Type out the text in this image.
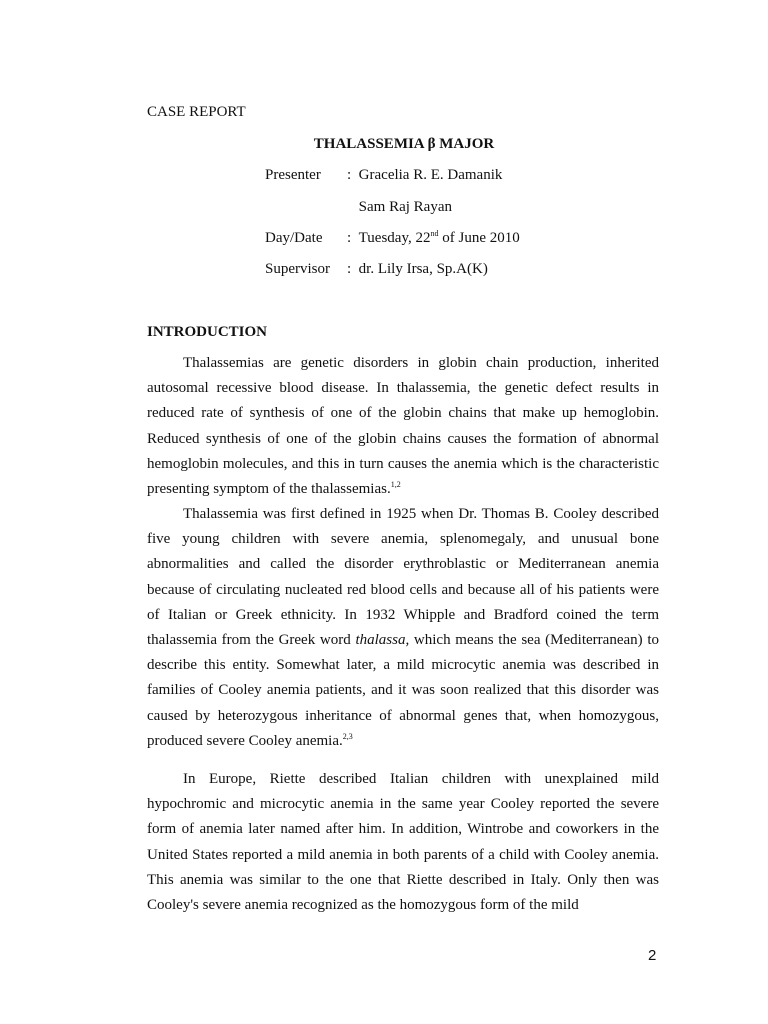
CASE REPORT

THALASSEMIA β MAJOR

Presenter : Gracelia R. E. Damanik
Sam Raj Rayan
Day/Date : Tuesday, 22nd of June 2010
Supervisor : dr. Lily Irsa, Sp.A(K)

INTRODUCTION

Thalassemias are genetic disorders in globin chain production, inherited autosomal recessive blood disease. In thalassemia, the genetic defect results in reduced rate of synthesis of one of the globin chains that make up hemoglobin. Reduced synthesis of one of the globin chains causes the formation of abnormal hemoglobin molecules, and this in turn causes the anemia which is the characteristic presenting symptom of the thalassemias.$^{1,2}$

Thalassemia was first defined in 1925 when Dr. Thomas B. Cooley described five young children with severe anemia, splenomegaly, and unusual bone abnormalities and called the disorder erythroblastic or Mediterranean anemia because of circulating nucleated red blood cells and because all of his patients were of Italian or Greek ethnicity. In 1932 Whipple and Bradford coined the term thalassemia from the Greek word thalassa, which means the sea (Mediterranean) to describe this entity. Somewhat later, a mild microcytic anemia was described in families of Cooley anemia patients, and it was soon realized that this disorder was caused by heterozygous inheritance of abnormal genes that, when homozygous, produced severe Cooley anemia.$^{2,3}$

In Europe, Riette described Italian children with unexplained mild hypochromic and microcytic anemia in the same year Cooley reported the severe form of anemia later named after him. In addition, Wintrobe and coworkers in the United States reported a mild anemia in both parents of a child with Cooley anemia. This anemia was similar to the one that Riette described in Italy. Only then was Cooley's severe anemia recognized as the homozygous form of the mild

2
